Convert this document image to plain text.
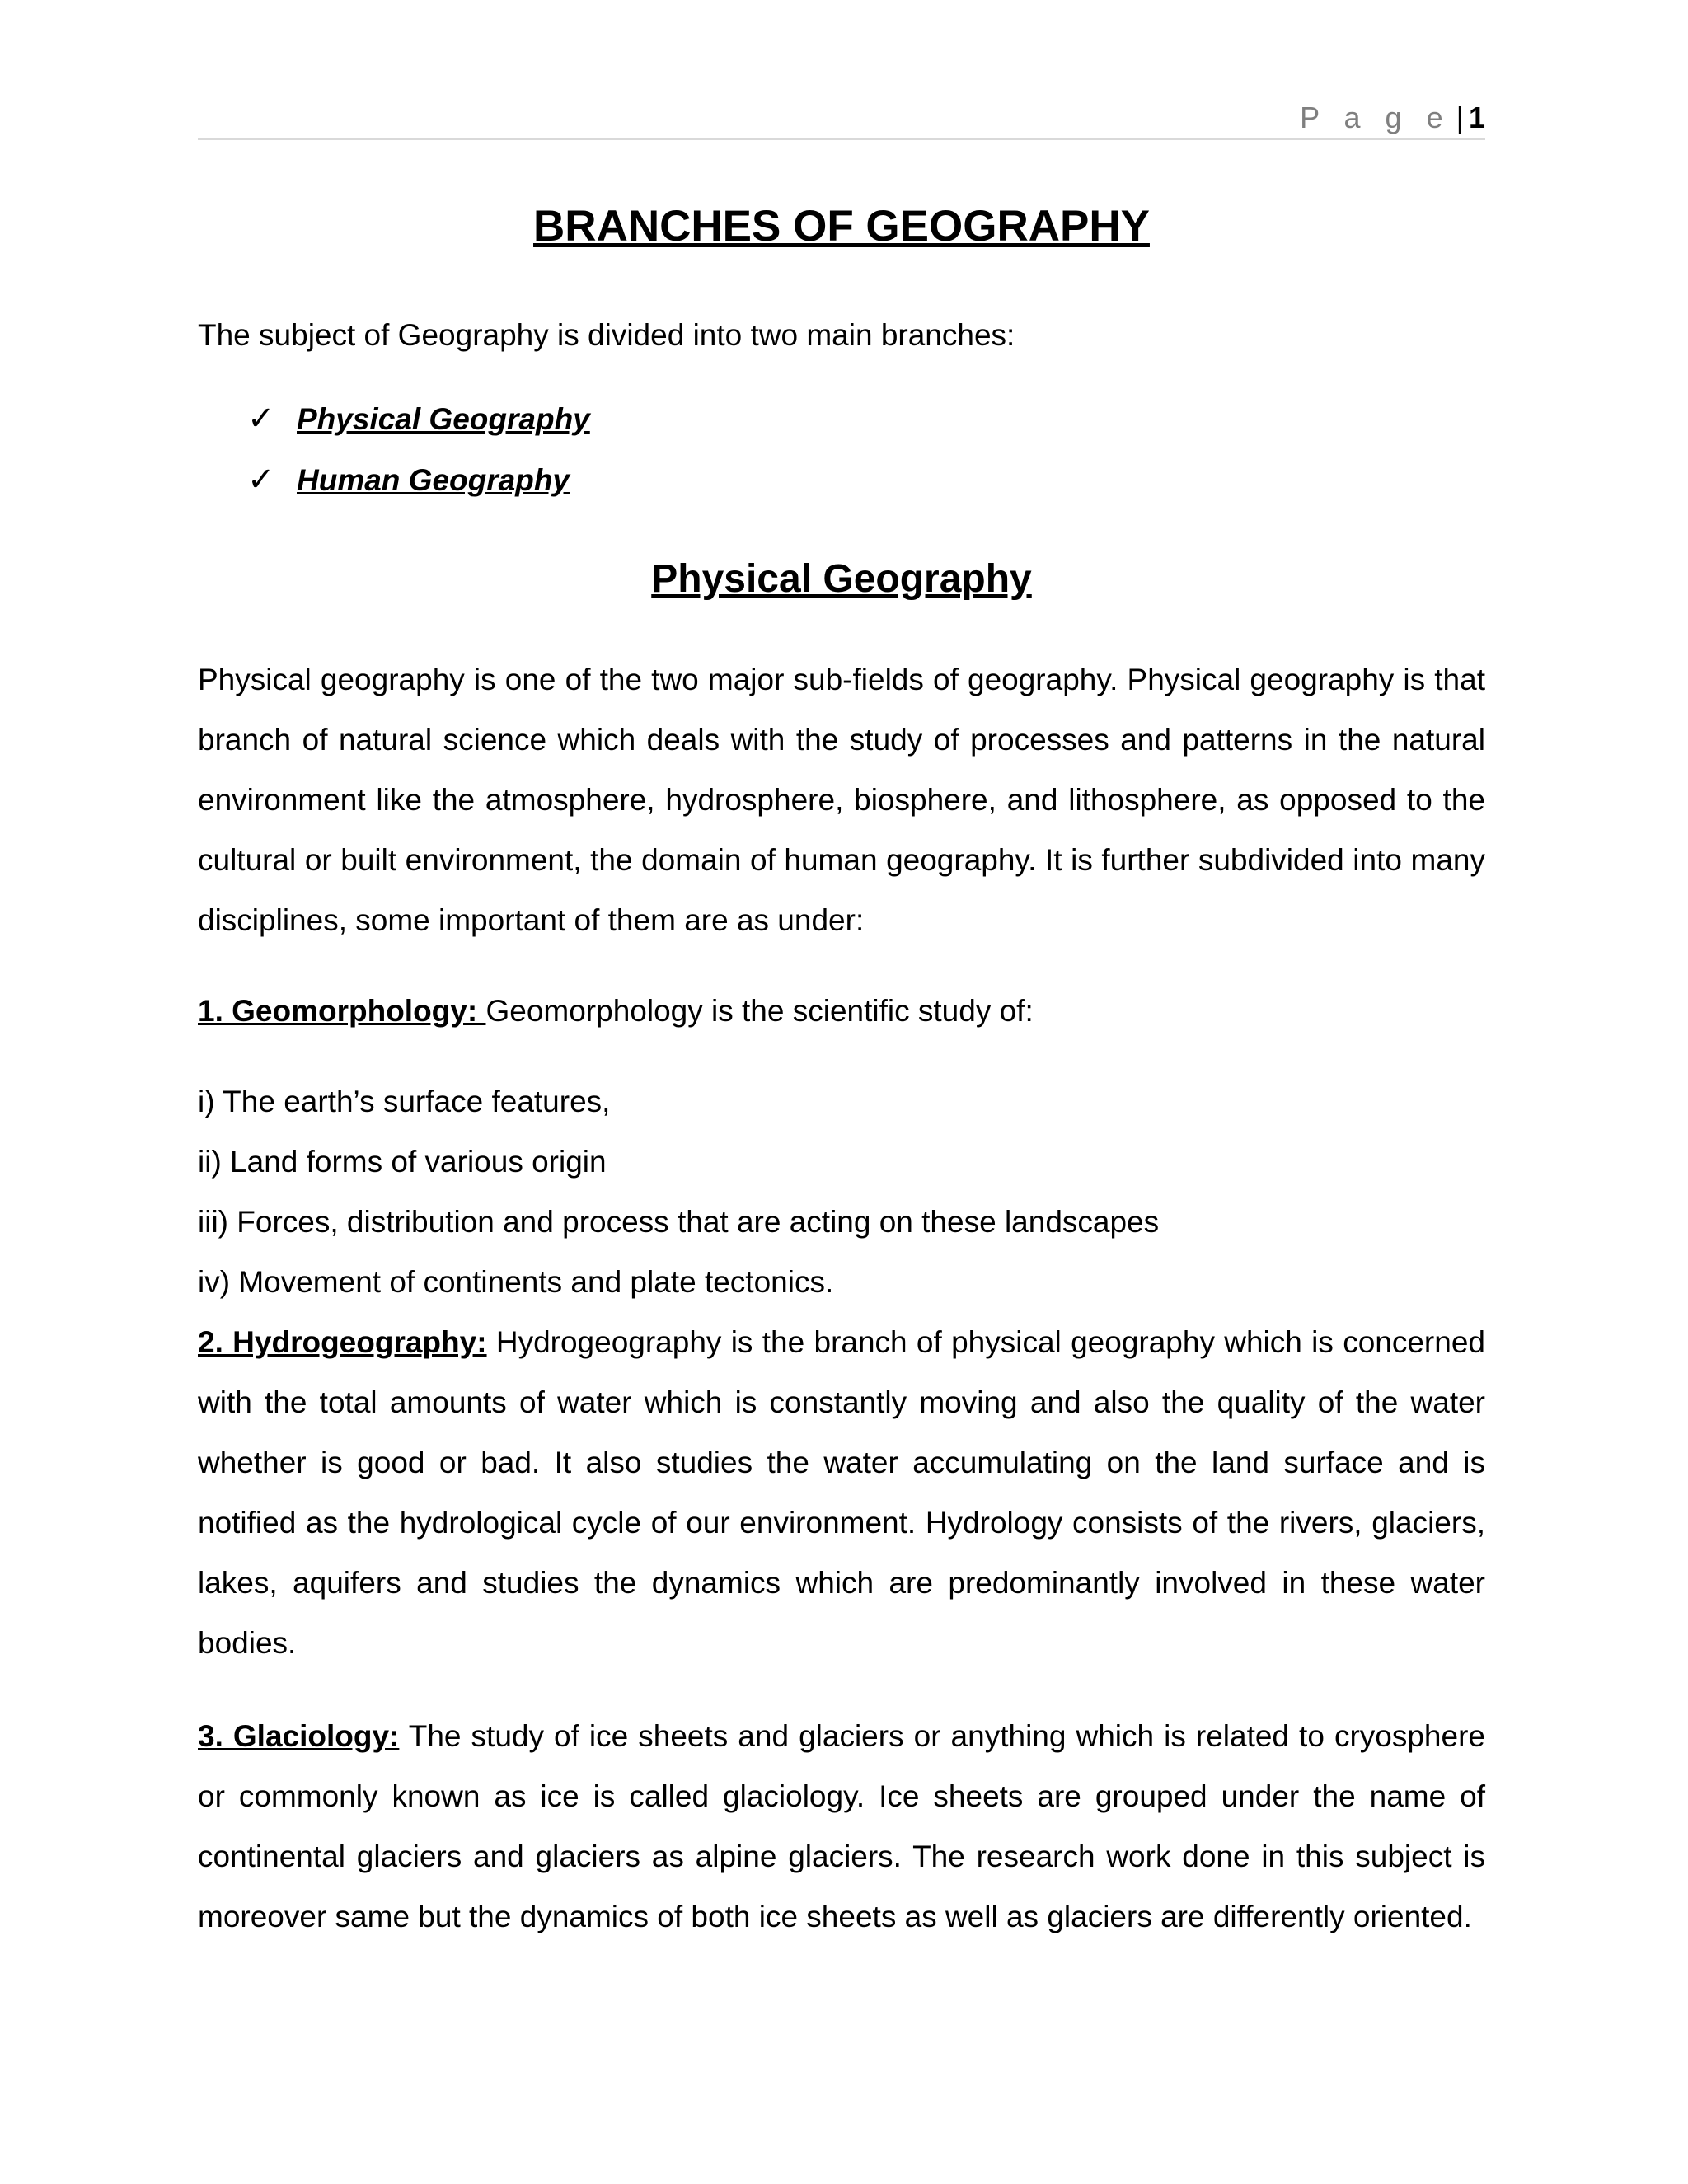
P a g e | 1
BRANCHES OF GEOGRAPHY
The subject of Geography is divided into two main branches:
✓ Physical Geography
✓ Human Geography
Physical Geography
Physical geography is one of the two major sub-fields of geography. Physical geography is that branch of natural science which deals with the study of processes and patterns in the natural environment like the atmosphere, hydrosphere, biosphere, and lithosphere, as opposed to the cultural or built environment, the domain of human geography. It is further subdivided into many disciplines, some important of them are as under:
1. Geomorphology: Geomorphology is the scientific study of:
i) The earth’s surface features,
ii) Land forms of various origin
iii) Forces, distribution and process that are acting on these landscapes
iv) Movement of continents and plate tectonics.
2. Hydrogeography: Hydrogeography is the branch of physical geography which is concerned with the total amounts of water which is constantly moving and also the quality of the water whether is good or bad. It also studies the water accumulating on the land surface and is notified as the hydrological cycle of our environment. Hydrology consists of the rivers, glaciers, lakes, aquifers and studies the dynamics which are predominantly involved in these water bodies.
3. Glaciology: The study of ice sheets and glaciers or anything which is related to cryosphere or commonly known as ice is called glaciology. Ice sheets are grouped under the name of continental glaciers and glaciers as alpine glaciers. The research work done in this subject is moreover same but the dynamics of both ice sheets as well as glaciers are differently oriented.
